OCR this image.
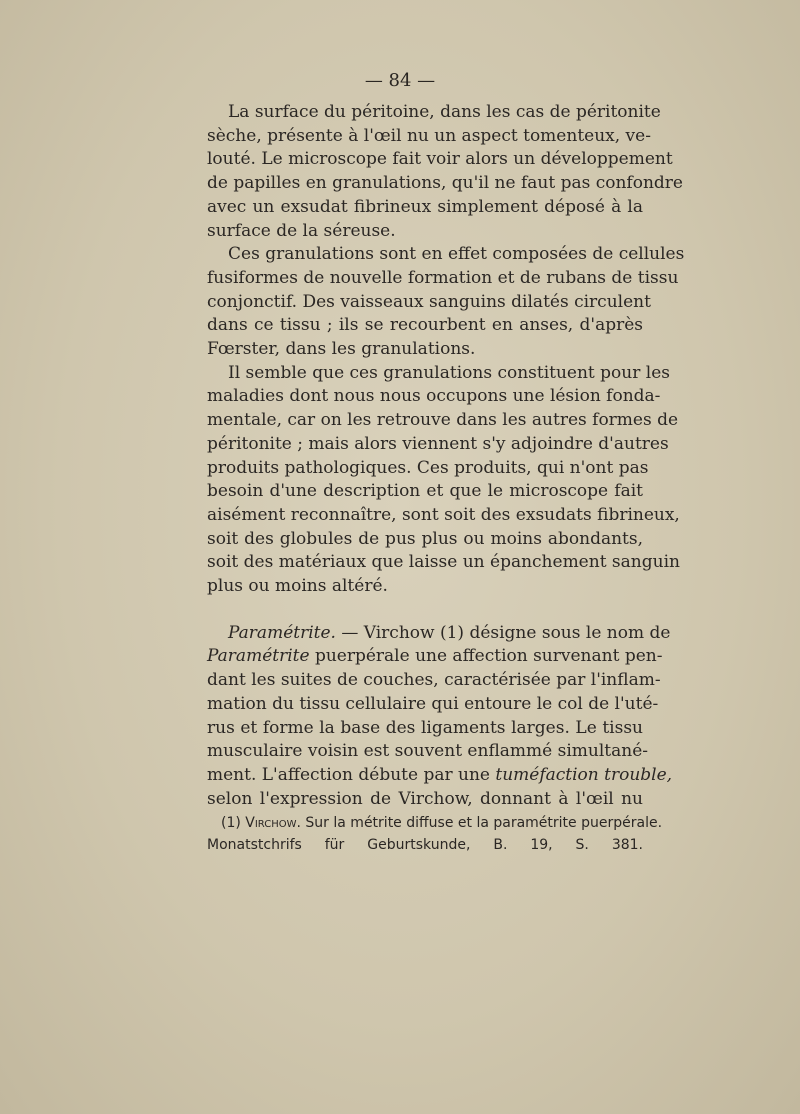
— 84 —
La surface du péritoine, dans les cas de péritonite
sèche, présente à l'œil nu un aspect tomenteux, ve-
louté. Le microscope fait voir alors un développement
de papilles en granulations, qu'il ne faut pas confondre
avec un exsudat fibrineux simplement déposé à la
surface de la séreuse.
Ces granulations sont en effet composées de cellules
fusiformes de nouvelle formation et de rubans de tissu
conjonctif. Des vaisseaux sanguins dilatés circulent
dans ce tissu ; ils se recourbent en anses, d'après
Fœrster, dans les granulations.
Il semble que ces granulations constituent pour les
maladies dont nous nous occupons une lésion fonda-
mentale, car on les retrouve dans les autres formes de
péritonite ; mais alors viennent s'y adjoindre d'autres
produits pathologiques. Ces produits, qui n'ont pas
besoin d'une description et que le microscope fait
aisément reconnaître, sont soit des exsudats fibrineux,
soit des globules de pus plus ou moins abondants,
soit des matériaux que laisse un épanchement sanguin
plus ou moins altéré.
Paramétrite. — Virchow (1) désigne sous le nom de
Paramétrite puerpérale une affection survenant pen-
dant les suites de couches, caractérisée par l'inflam-
mation du tissu cellulaire qui entoure le col de l'uté-
rus et forme la base des ligaments larges. Le tissu
musculaire voisin est souvent enflammé simultané-
ment. L'affection débute par une tuméfaction trouble,
selon l'expression de Virchow, donnant à l'œil nu
(1) Virchow. Sur la métrite diffuse et la paramétrite puerpérale.
Monatstchrifs für Geburtskunde, B. 19, S. 381.
